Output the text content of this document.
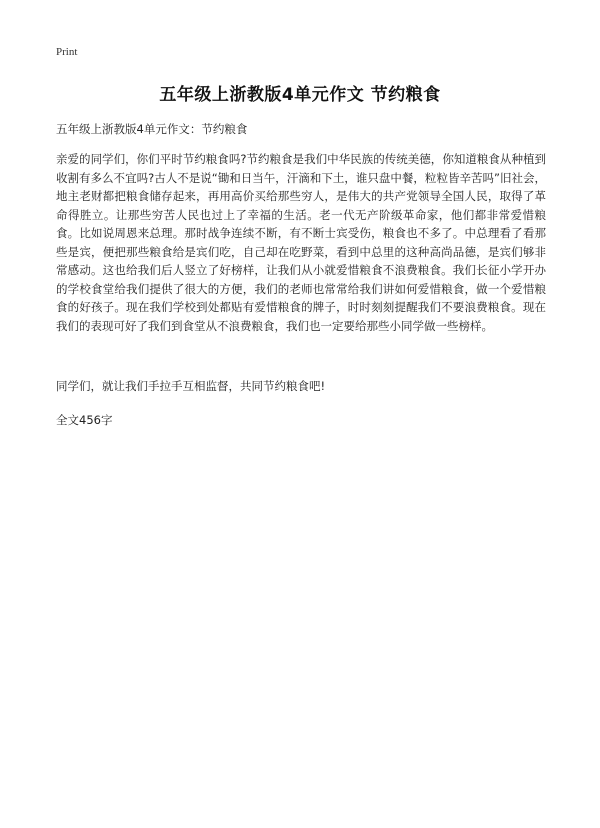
Print
五年级上浙教版4单元作文 节约粮食
五年级上浙教版4单元作文：节约粮食

亲爱的同学们，你们平时节约粮食吗?节约粮食是我们中华民族的传统美德，你知道粮食从种植到收割有多么不宜吗?古人不是说“锄和日当午，汗滴和下土，谁只盘中餐，粒粒皆辛苦吗”旧社会，地主老财都把粮食储存起来，再用高价买给那些穷人，是伟大的共产党领导全国人民，取得了革命得胜立。让那些穷苦人民也过上了幸福的生活。老一代无产阶级革命家，他们都非常爱惜粮食。比如说周恩来总理。那时战争连续不断，有不断士宾受伤，粮食也不多了。中总理看了看那些是宾，便把那些粮食给是宾们吃，自己却在吃野菜，看到中总里的这种高尚品德，是宾们够非常感动。这也给我们后人竖立了好榜样，让我们从小就爱惜粮食不浪费粮食。我们长征小学开办的学校食堂给我们提供了很大的方便，我们的老师也常常给我们讲如何爱惜粮食，做一个爱惜粮食的好孩子。现在我们学校到处都贴有爱惜粮食的牌子，时时刻刻提醒我们不要浪费粮食。现在我们的表现可好了我们到食堂从不浪费粮食，我们也一定要给那些小同学做一些榜样。

同学们，就让我们手拉手互相监督，共同节约粮食吧!

全文456字
